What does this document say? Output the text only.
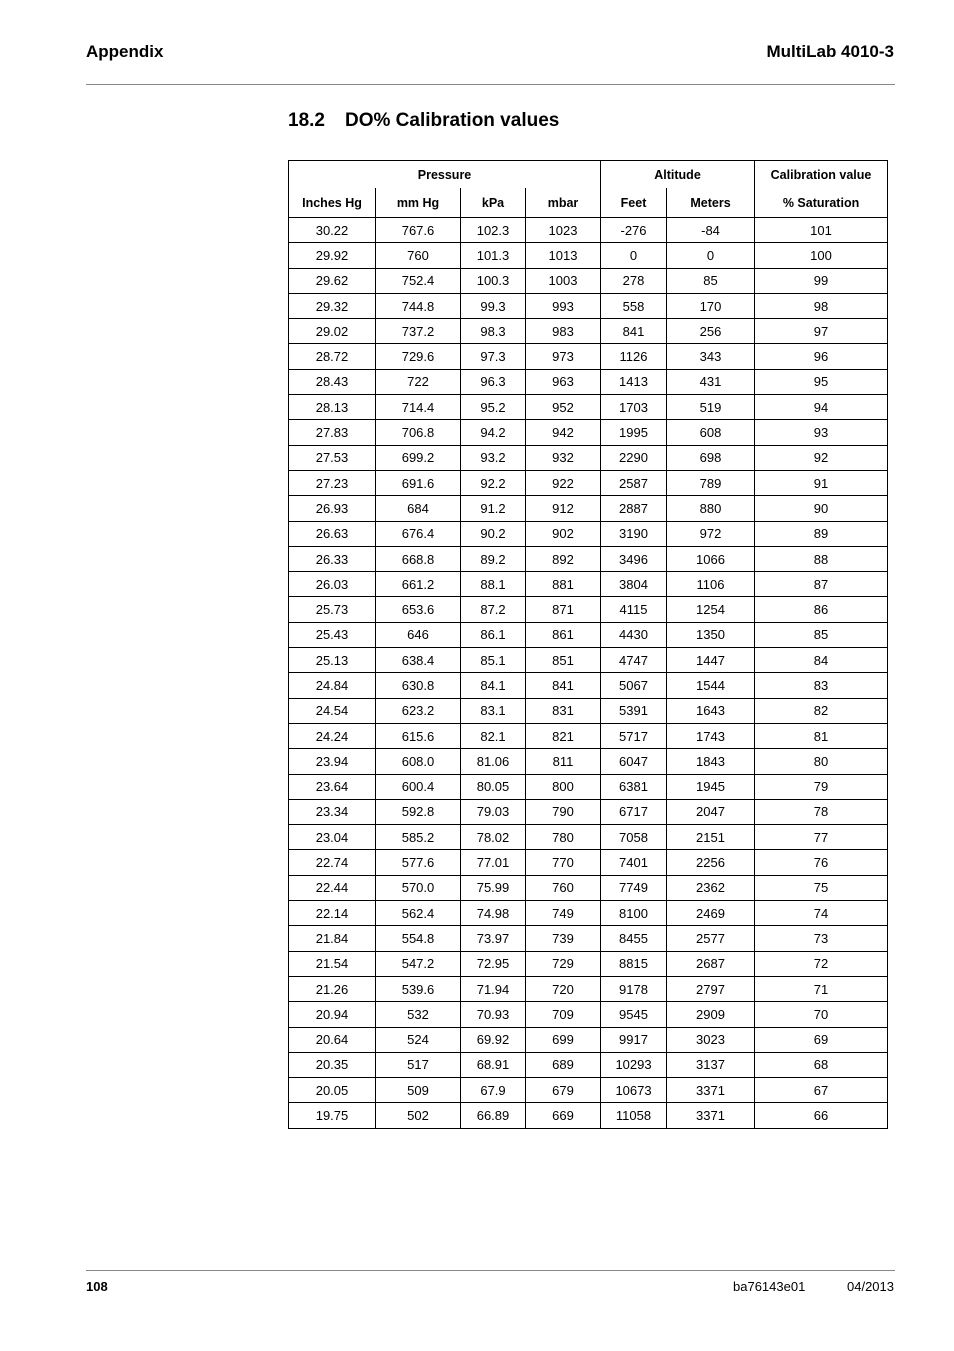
Appendix	MultiLab 4010-3
18.2 DO% Calibration values
Pressure				Altitude		Calibration value
Inches Hg	mm Hg	kPa	mbar	Feet	Meters	% Saturation
30.22	767.6	102.3	1023	-276	-84	101
29.92	760	101.3	1013	0	0	100
29.62	752.4	100.3	1003	278	85	99
29.32	744.8	99.3	993	558	170	98
29.02	737.2	98.3	983	841	256	97
28.72	729.6	97.3	973	1126	343	96
28.43	722	96.3	963	1413	431	95
28.13	714.4	95.2	952	1703	519	94
27.83	706.8	94.2	942	1995	608	93
27.53	699.2	93.2	932	2290	698	92
27.23	691.6	92.2	922	2587	789	91
26.93	684	91.2	912	2887	880	90
26.63	676.4	90.2	902	3190	972	89
26.33	668.8	89.2	892	3496	1066	88
26.03	661.2	88.1	881	3804	1106	87
25.73	653.6	87.2	871	4115	1254	86
25.43	646	86.1	861	4430	1350	85
25.13	638.4	85.1	851	4747	1447	84
24.84	630.8	84.1	841	5067	1544	83
24.54	623.2	83.1	831	5391	1643	82
24.24	615.6	82.1	821	5717	1743	81
23.94	608.0	81.06	811	6047	1843	80
23.64	600.4	80.05	800	6381	1945	79
23.34	592.8	79.03	790	6717	2047	78
23.04	585.2	78.02	780	7058	2151	77
22.74	577.6	77.01	770	7401	2256	76
22.44	570.0	75.99	760	7749	2362	75
22.14	562.4	74.98	749	8100	2469	74
21.84	554.8	73.97	739	8455	2577	73
21.54	547.2	72.95	729	8815	2687	72
21.26	539.6	71.94	720	9178	2797	71
20.94	532	70.93	709	9545	2909	70
20.64	524	69.92	699	9917	3023	69
20.35	517	68.91	689	10293	3137	68
20.05	509	67.9	679	10673	3371	67
19.75	502	66.89	669	11058	3371	66
108	ba76143e01	04/2013
